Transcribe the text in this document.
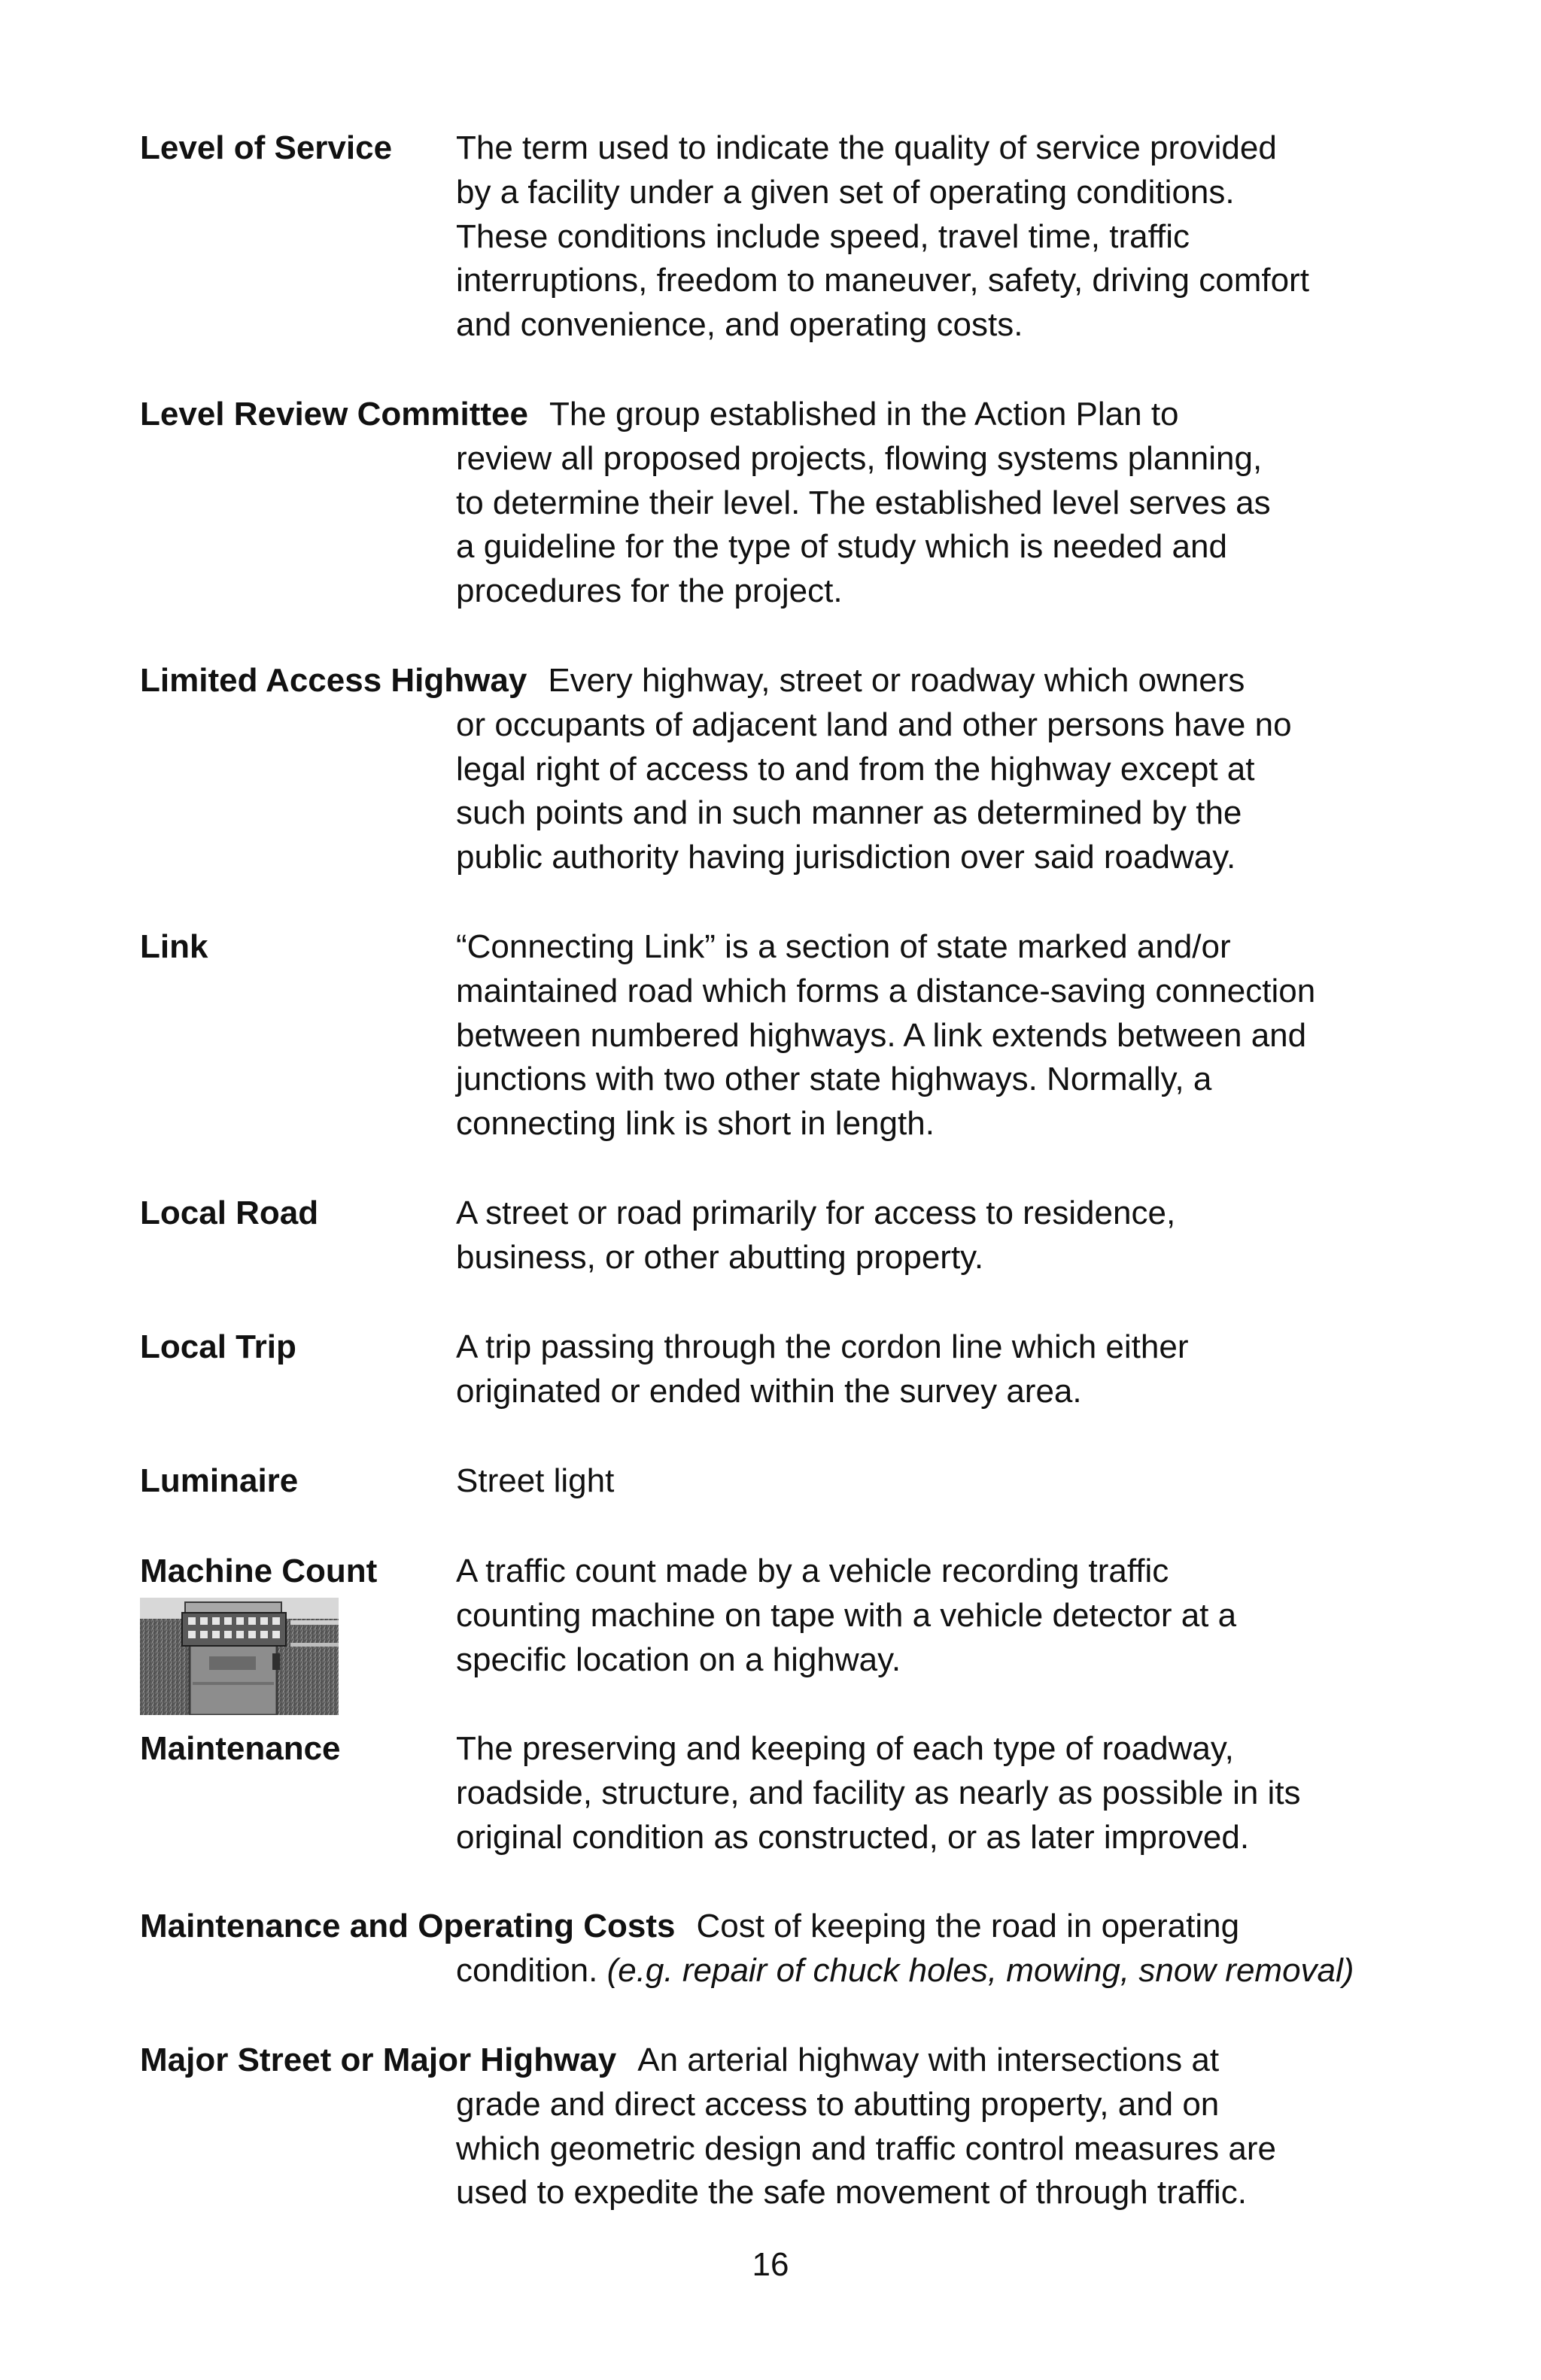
Level of Service	The term used to indicate the quality of service provided
by a facility under a given set of operating conditions.
These conditions include speed, travel time, traffic
interruptions, freedom to maneuver, safety, driving comfort
and convenience, and operating costs.
Level Review Committee The group established in the Action Plan to
review all proposed projects, flowing systems planning,
to determine their level. The established level serves as
a guideline for the type of study which is needed and
procedures for the project.
Limited Access Highway Every highway, street or roadway which owners
or occupants of adjacent land and other persons have no
legal right of access to and from the highway except at
such points and in such manner as determined by the
public authority having jurisdiction over said roadway.
Link	“Connecting Link” is a section of state marked and/or
maintained road which forms a distance-saving connection
between numbered highways. A link extends between and
junctions with two other state highways. Normally, a
connecting link is short in length.
Local Road	A street or road primarily for access to residence,
business, or other abutting property.
Local Trip	A trip passing through the cordon line which either
originated or ended within the survey area.
Luminaire	Street light
Machine Count	A traffic count made by a vehicle recording traffic
counting machine on tape with a vehicle detector at a
specific location on a highway.
Maintenance	The preserving and keeping of each type of roadway,
roadside, structure, and facility as nearly as possible in its
original condition as constructed, or as later improved.
Maintenance and Operating Costs Cost of keeping the road in operating
condition. (e.g. repair of chuck holes, mowing, snow removal)
Major Street or Major Highway An arterial highway with intersections at
grade and direct access to abutting property, and on
which geometric design and traffic control measures are
used to expedite the safe movement of through traffic.
16
